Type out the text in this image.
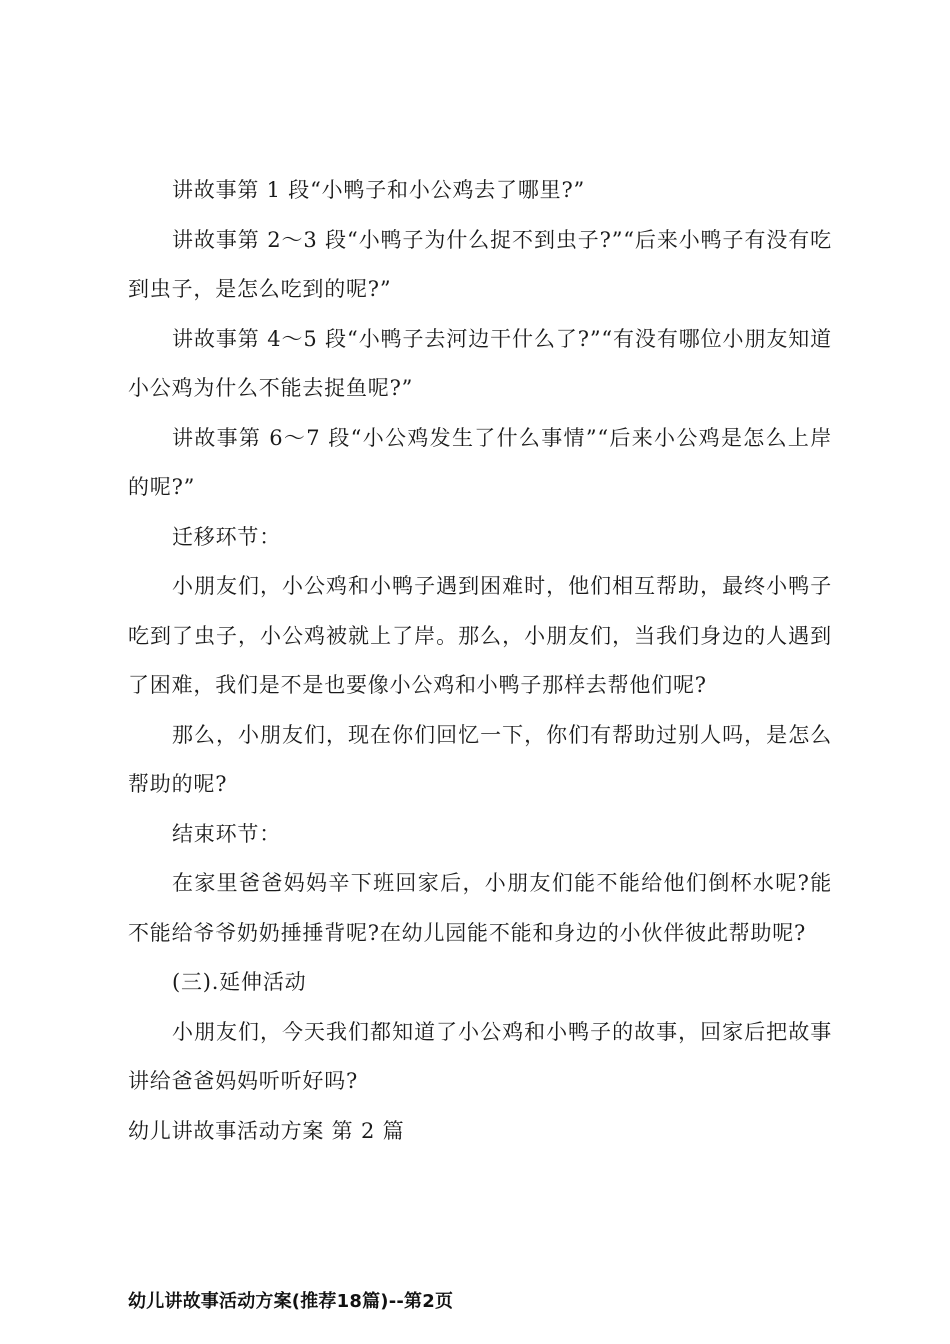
讲故事第 1 段“小鸭子和小公鸡去了哪里?”

讲故事第 2～3 段“小鸭子为什么捉不到虫子?”“后来小鸭子有没有吃到虫子，是怎么吃到的呢?”

讲故事第 4～5 段“小鸭子去河边干什么了?”“有没有哪位小朋友知道小公鸡为什么不能去捉鱼呢?”

讲故事第 6～7 段“小公鸡发生了什么事情”“后来小公鸡是怎么上岸的呢?”

迁移环节：

小朋友们，小公鸡和小鸭子遇到困难时，他们相互帮助，最终小鸭子吃到了虫子，小公鸡被就上了岸。那么，小朋友们，当我们身边的人遇到了困难，我们是不是也要像小公鸡和小鸭子那样去帮他们呢?

那么，小朋友们，现在你们回忆一下，你们有帮助过别人吗，是怎么帮助的呢?

结束环节：

在家里爸爸妈妈辛下班回家后，小朋友们能不能给他们倒杯水呢?能不能给爷爷奶奶捶捶背呢?在幼儿园能不能和身边的小伙伴彼此帮助呢?

(三).延伸活动

小朋友们，今天我们都知道了小公鸡和小鸭子的故事，回家后把故事讲给爸爸妈妈听听好吗?

幼儿讲故事活动方案 第 2 篇

幼儿讲故事活动方案(推荐18篇)--第2页
